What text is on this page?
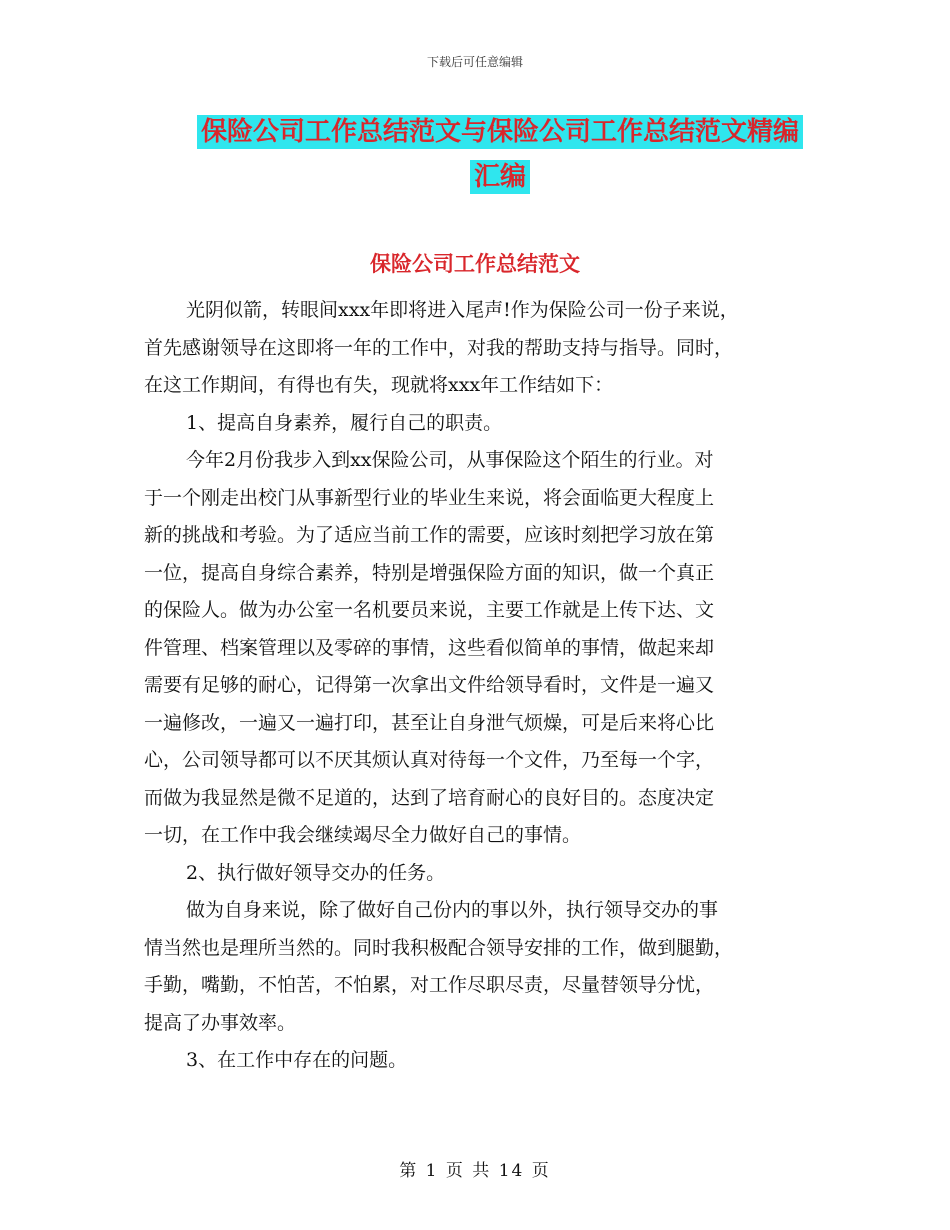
下载后可任意编辑
保险公司工作总结范文与保险公司工作总结范文精编
汇编
保险公司工作总结范文
光阴似箭，转眼间xxx年即将进入尾声!作为保险公司一份子来说，
首先感谢领导在这即将一年的工作中，对我的帮助支持与指导。同时，
在这工作期间，有得也有失，现就将xxx年工作结如下：
1、提高自身素养，履行自己的职责。
今年2月份我步入到xx保险公司，从事保险这个陌生的行业。对
于一个刚走出校门从事新型行业的毕业生来说，将会面临更大程度上
新的挑战和考验。为了适应当前工作的需要，应该时刻把学习放在第
一位，提高自身综合素养，特别是增强保险方面的知识，做一个真正
的保险人。做为办公室一名机要员来说，主要工作就是上传下达、文
件管理、档案管理以及零碎的事情，这些看似简单的事情，做起来却
需要有足够的耐心，记得第一次拿出文件给领导看时，文件是一遍又
一遍修改，一遍又一遍打印，甚至让自身泄气烦燥，可是后来将心比
心，公司领导都可以不厌其烦认真对待每一个文件，乃至每一个字，
而做为我显然是微不足道的，达到了培育耐心的良好目的。态度决定
一切，在工作中我会继续竭尽全力做好自己的事情。
2、执行做好领导交办的任务。
做为自身来说，除了做好自己份内的事以外，执行领导交办的事
情当然也是理所当然的。同时我积极配合领导安排的工作，做到腿勤，
手勤，嘴勤，不怕苦，不怕累，对工作尽职尽责，尽量替领导分忧，
提高了办事效率。
3、在工作中存在的问题。
第 1 页 共 14 页
